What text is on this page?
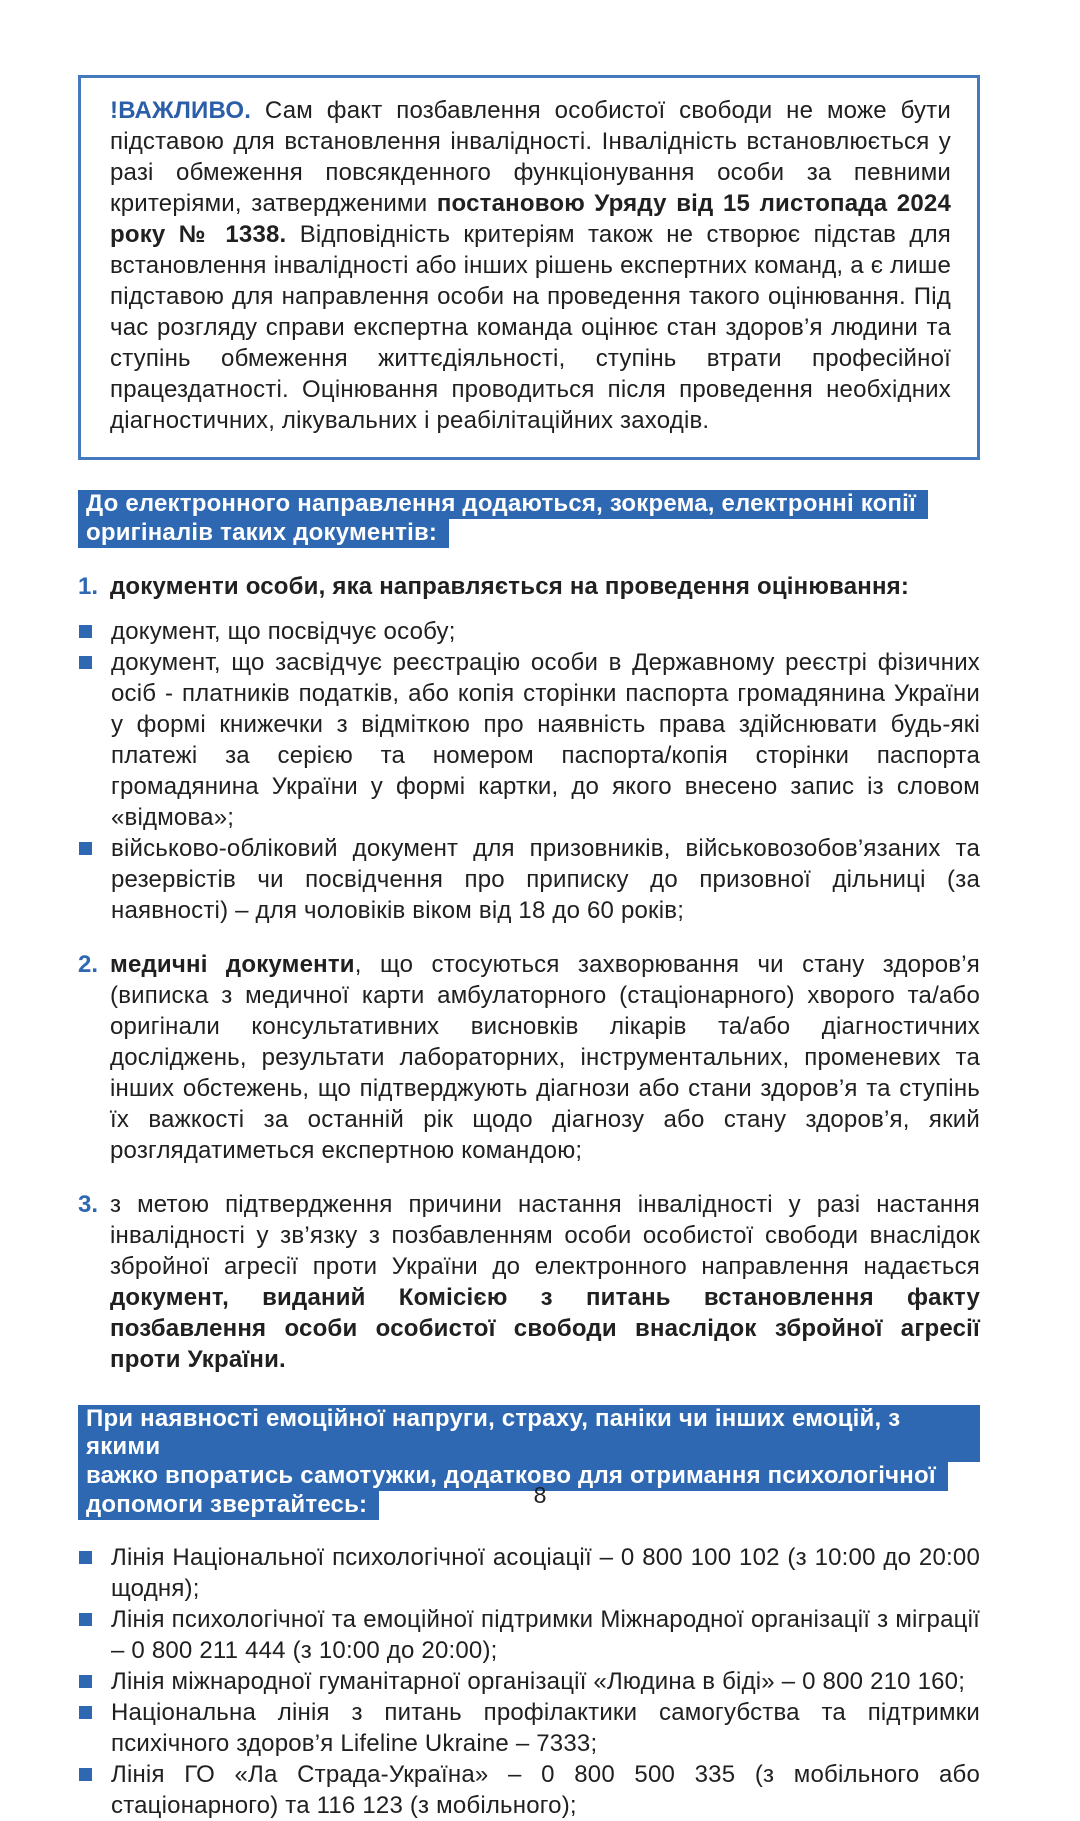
!ВАЖЛИВО. Сам факт позбавлення особистої свободи не може бути підставою для встановлення інвалідності. Інвалідність встановлюється у разі обмеження повсякденного функціонування особи за певними критеріями, затвердженими постановою Уряду від 15 листопада 2024 року № 1338. Відповідність критеріям також не створює підстав для встановлення інвалідності або інших рішень експертних команд, а є лише підставою для направлення особи на проведення такого оцінювання. Під час розгляду справи експертна команда оцінює стан здоров’я людини та ступінь обмеження життєдіяльності, ступінь втрати професійної працездатності. Оцінювання проводиться після проведення необхідних діагностичних, лікувальних і реабілітаційних заходів.

До електронного направлення додаються, зокрема, електронні копії
оригіналів таких документів:
1. документи особи, яка направляється на проведення оцінювання:

документ, що посвідчує особу;

документ, що засвідчує реєстрацію особи в Державному реєстрі фізичних осіб - платників податків, або копія сторінки паспорта громадянина України у формі книжечки з відміткою про наявність права здійснювати будь-які платежі за серією та номером паспорта/копія сторінки паспорта громадянина України у формі картки, до якого внесено запис із словом «відмова»;

військово-обліковий документ для призовників, військовозобов’язаних та резервістів чи посвідчення про приписку до призовної дільниці (за наявності) – для чоловіків віком від 18 до 60 років;

2. медичні документи, що стосуються захворювання чи стану здоров’я (виписка з медичної карти амбулаторного (стаціонарного) хворого та/або оригінали консультативних висновків лікарів та/або діагностичних досліджень, результати лабораторних, інструментальних, променевих та інших обстежень, що підтверджують діагнози або стани здоров’я та ступінь їх важкості за останній рік щодо діагнозу або стану здоров’я, який розглядатиметься експертною командою;

3. з метою підтвердження причини настання інвалідності у разі настання інвалідності у зв’язку з позбавленням особи особистої свободи внаслідок збройної агресії проти України до електронного направлення надається документ, виданий Комісією з питань встановлення факту позбавлення особи особистої свободи внаслідок збройної агресії проти України.

При наявності емоційної напруги, страху, паніки чи інших емоцій, з якими
важко впоратись самотужки, додатково для отримання психологічної
допомоги звертайтесь:

Лінія Національної психологічної асоціації – 0 800 100 102 (з 10:00 до 20:00 щодня);

Лінія психологічної та емоційної підтримки Міжнародної організації з міграції – 0 800 211 444 (з 10:00 до 20:00);

Лінія міжнародної гуманітарної організації «Людина в біді» – 0 800 210 160;

Національна лінія з питань профілактики самогубства та підтримки психічного здоров’я Lifeline Ukraine – 7333;

Лінія ГО «Ла Страда-Україна» – 0 800 500 335 (з мобільного або стаціонарного) та 116 123 (з мобільного);

8
